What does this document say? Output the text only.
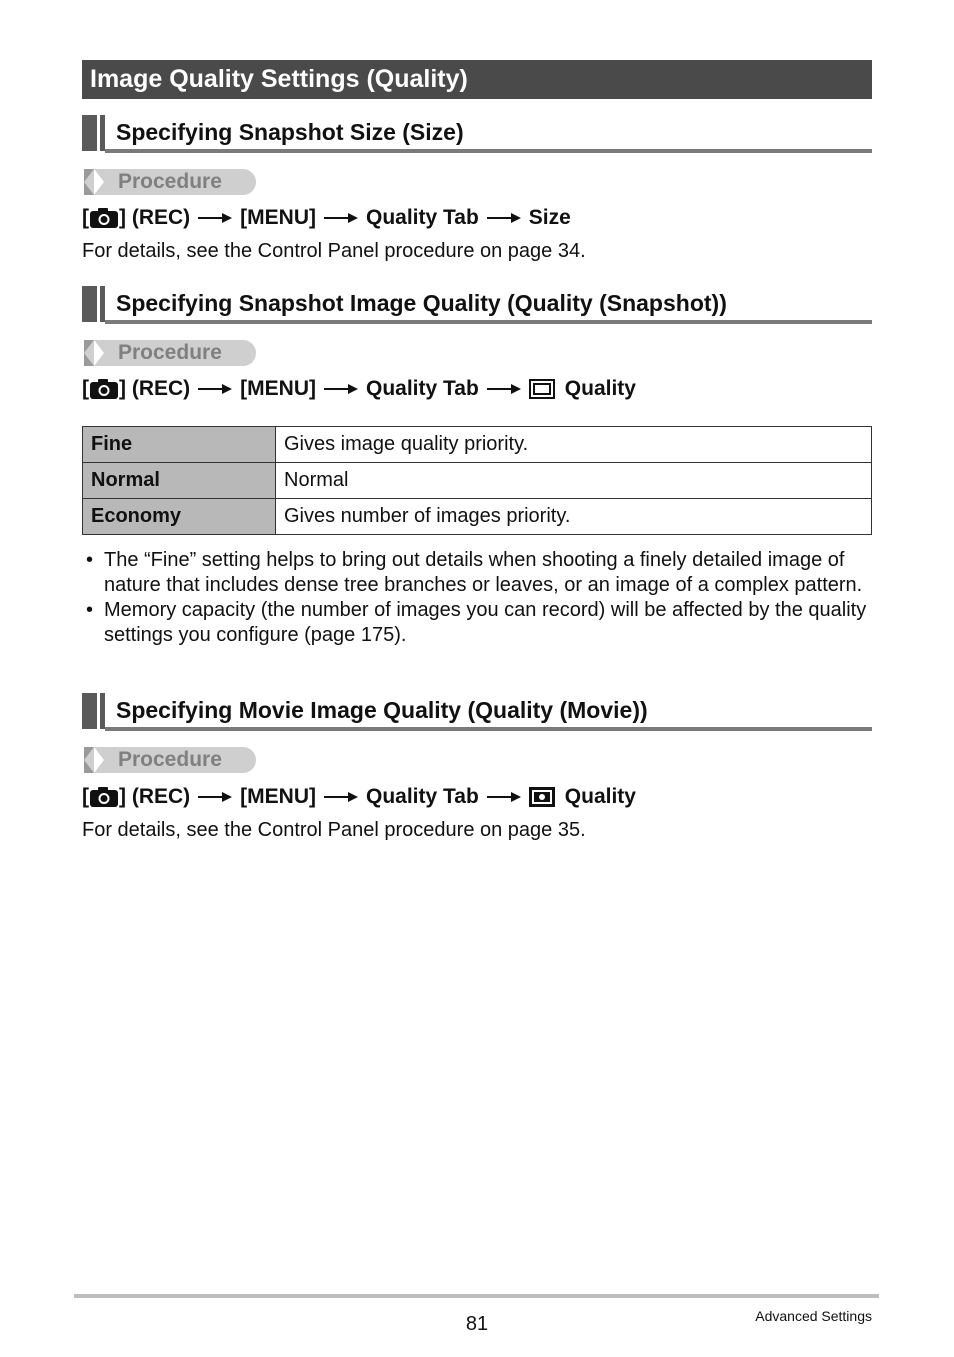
Image Quality Settings (Quality)
Specifying Snapshot Size (Size)
Procedure
[ ] (REC) [MENU] Quality Tab Size
For details, see the Control Panel procedure on page 34.
Specifying Snapshot Image Quality (Quality (Snapshot))
Procedure
[ ] (REC) [MENU] Quality Tab	Quality
Fine	Gives image quality priority.
Normal	Normal
Economy	Gives number of images priority.
• The “Fine” setting helps to bring out details when shooting a finely detailed image of nature that includes dense tree branches or leaves, or an image of a complex pattern.
• Memory capacity (the number of images you can record) will be affected by the quality settings you configure (page 175).
Specifying Movie Image Quality (Quality (Movie))
Procedure
[ ] (REC) [MENU] Quality Tab	Quality
For details, see the Control Panel procedure on page 35.
81	Advanced Settings
